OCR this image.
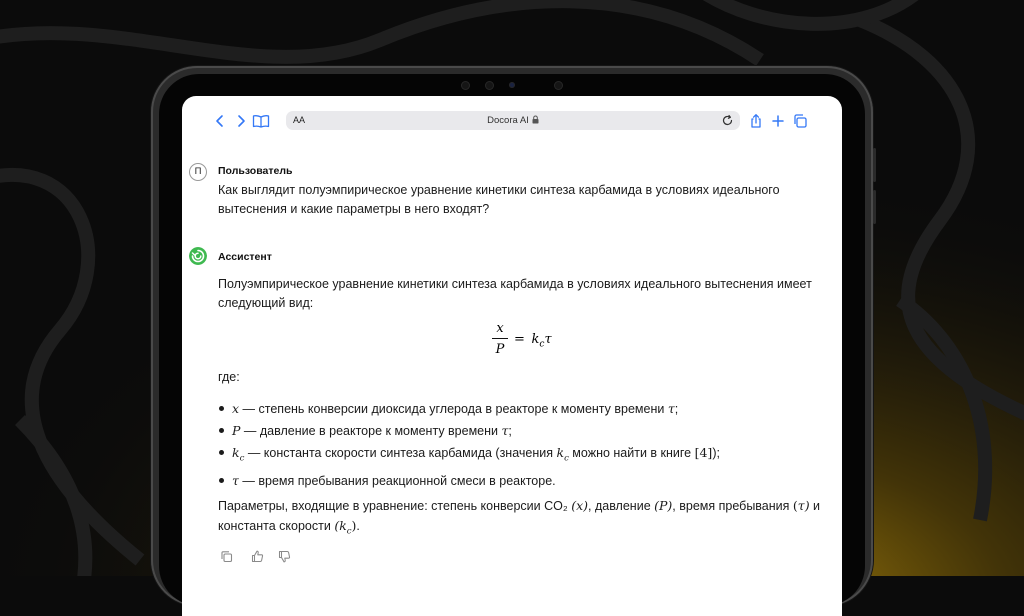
AA	Docora AI
П	Пользователь
Как выглядит полуэмпирическое уравнение кинетики синтеза карбамида в условиях идеального вытеснения и какие параметры в него входят?
Ассистент
Полуэмпирическое уравнение кинетики синтеза карбамида в условиях идеального вытеснения имеет следующий вид:
x
P
= $k_c\tau$
где:
x — степень конверсии диоксида углерода в реакторе к моменту времени τ;
P — давление в реакторе к моменту времени τ;
$k_c$ — константа скорости синтеза карбамида (значения $k_c$ можно найти в книге [4]);
τ — время пребывания реакционной смеси в реакторе.
Параметры, входящие в уравнение: степень конверсии CO₂ (x), давление (P), время пребывания (τ) и константа скорости $(k_c)$.
